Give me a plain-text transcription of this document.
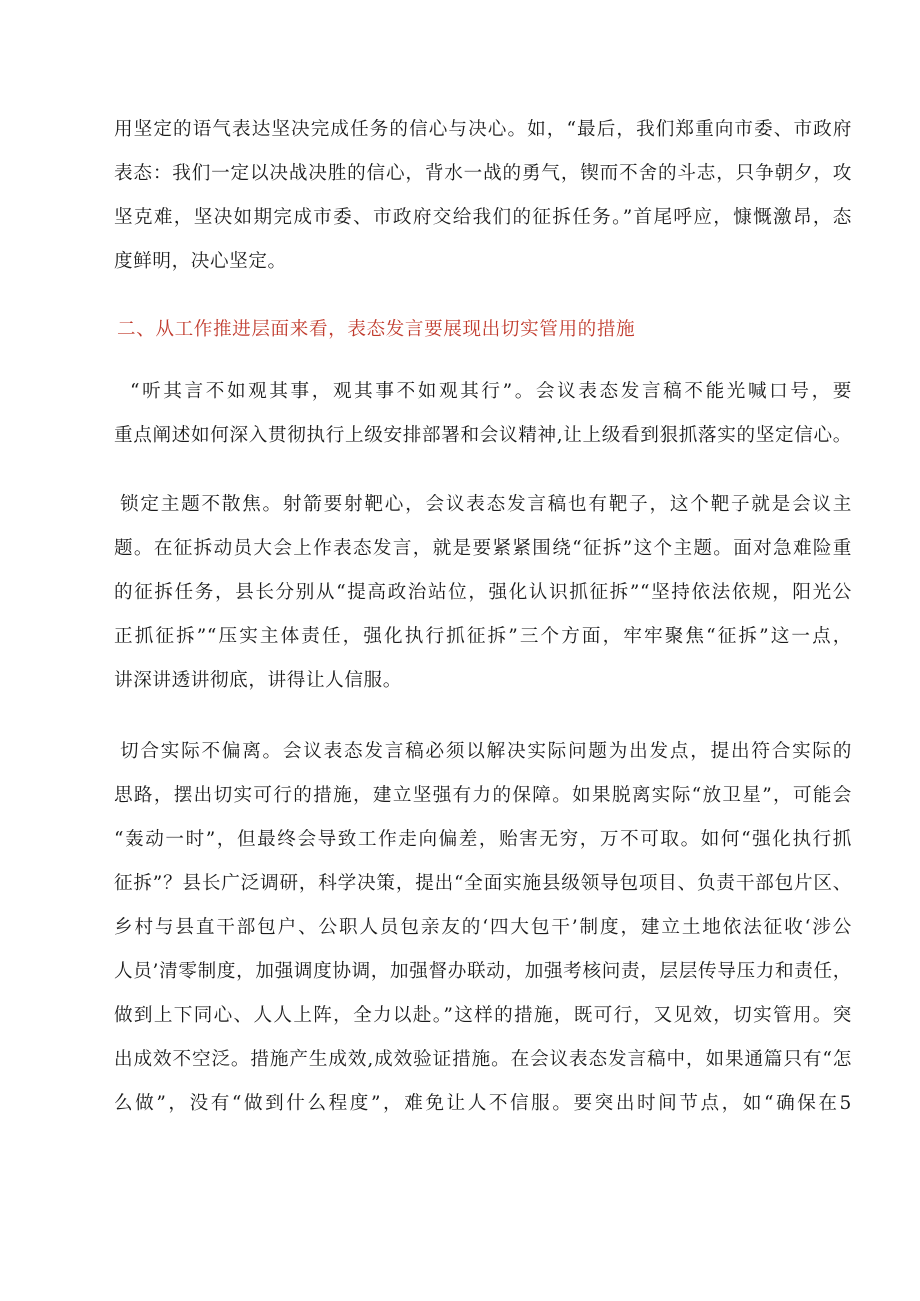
用坚定的语气表达坚决完成任务的信心与决心。如，“最后，我们郑重向市委、市政府
表态：我们一定以决战决胜的信心，背水一战的勇气，锲而不舍的斗志，只争朝夕，攻
坚克难，坚决如期完成市委、市政府交给我们的征拆任务。”首尾呼应，慷慨激昂，态
度鲜明，决心坚定。
二、从工作推进层面来看，表态发言要展现出切实管用的措施
“听其言不如观其事，观其事不如观其行”。会议表态发言稿不能光喊口号，要
重点阐述如何深入贯彻执行上级安排部署和会议精神,让上级看到狠抓落实的坚定信心。
锁定主题不散焦。射箭要射靶心，会议表态发言稿也有靶子，这个靶子就是会议主
题。在征拆动员大会上作表态发言，就是要紧紧围绕“征拆”这个主题。面对急难险重
的征拆任务，县长分别从“提高政治站位，强化认识抓征拆”“坚持依法依规，阳光公
正抓征拆”“压实主体责任，强化执行抓征拆”三个方面，牢牢聚焦“征拆”这一点，
讲深讲透讲彻底，讲得让人信服。
切合实际不偏离。会议表态发言稿必须以解决实际问题为出发点，提出符合实际的
思路，摆出切实可行的措施，建立坚强有力的保障。如果脱离实际“放卫星”，可能会
“轰动一时”，但最终会导致工作走向偏差，贻害无穷，万不可取。如何“强化执行抓
征拆”？县长广泛调研，科学决策，提出“全面实施县级领导包项目、负责干部包片区、
乡村与县直干部包户、公职人员包亲友的‘四大包干’制度，建立土地依法征收‘涉公
人员’清零制度，加强调度协调，加强督办联动，加强考核问责，层层传导压力和责任，
做到上下同心、人人上阵，全力以赴。”这样的措施，既可行，又见效，切实管用。突
出成效不空泛。措施产生成效,成效验证措施。在会议表态发言稿中，如果通篇只有“怎
么做”，没有“做到什么程度”，难免让人不信服。要突出时间节点，如“确保在5
